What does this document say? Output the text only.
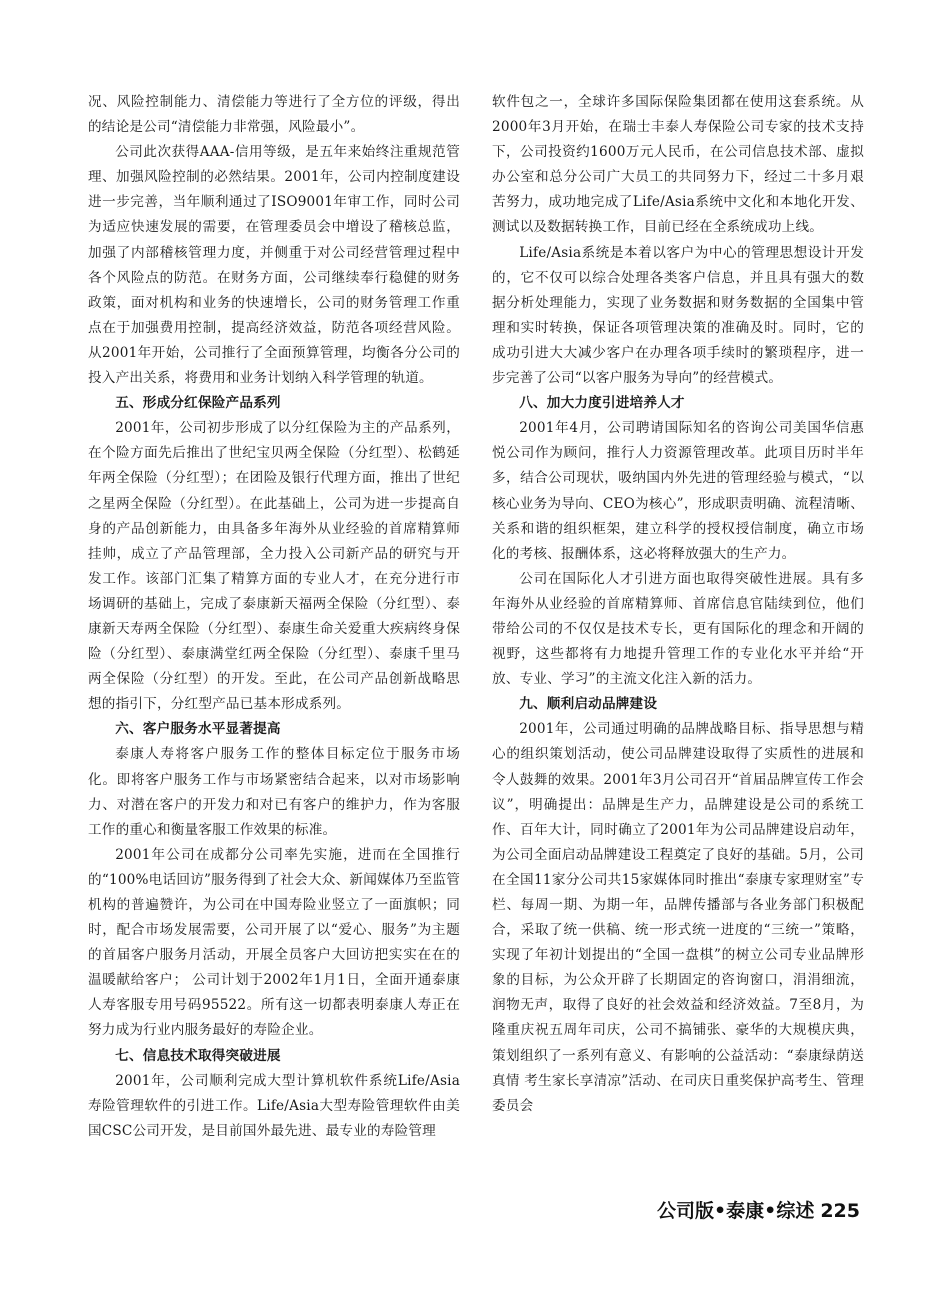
况、风险控制能力、清偿能力等进行了全方位的评级，得出的结论是公司“清偿能力非常强，风险最小”。

公司此次获得AAA-信用等级，是五年来始终注重规范管理、加强风险控制的必然结果。2001年，公司内控制度建设进一步完善，当年顺利通过了ISO9001年审工作，同时公司为适应快速发展的需要，在管理委员会中增设了稽核总监，加强了内部稽核管理力度，并侧重于对公司经营管理过程中各个风险点的防范。在财务方面，公司继续奉行稳健的财务政策，面对机构和业务的快速增长，公司的财务管理工作重点在于加强费用控制，提高经济效益，防范各项经营风险。从2001年开始，公司推行了全面预算管理，均衡各分公司的投入产出关系，将费用和业务计划纳入科学管理的轨道。

五、形成分红保险产品系列

2001年，公司初步形成了以分红保险为主的产品系列，在个险方面先后推出了世纪宝贝两全保险（分红型）、松鹤延年两全保险（分红型）；在团险及银行代理方面，推出了世纪之星两全保险（分红型）。在此基础上，公司为进一步提高自身的产品创新能力，由具备多年海外从业经验的首席精算师挂帅，成立了产品管理部，全力投入公司新产品的研究与开发工作。该部门汇集了精算方面的专业人才，在充分进行市场调研的基础上，完成了泰康新天福两全保险（分红型）、泰康新天寿两全保险（分红型）、泰康生命关爱重大疾病终身保险（分红型）、泰康满堂红两全保险（分红型）、泰康千里马两全保险（分红型）的开发。至此，在公司产品创新战略思想的指引下，分红型产品已基本形成系列。

六、客户服务水平显著提高

泰康人寿将客户服务工作的整体目标定位于服务市场化。即将客户服务工作与市场紧密结合起来，以对市场影响力、对潜在客户的开发力和对已有客户的维护力，作为客服工作的重心和衡量客服工作效果的标准。

2001年公司在成都分公司率先实施，进而在全国推行的“100%电话回访”服务得到了社会大众、新闻媒体乃至监管机构的普遍赞许，为公司在中国寿险业竖立了一面旗帜；同时，配合市场发展需要，公司开展了以“爱心、服务”为主题的首届客户服务月活动，开展全员客户大回访把实实在在的温暖献给客户； 公司计划于2002年1月1日，全面开通泰康人寿客服专用号码95522。所有这一切都表明泰康人寿正在努力成为行业内服务最好的寿险企业。

七、信息技术取得突破进展

2001年，公司顺利完成大型计算机软件系统Life/Asia寿险管理软件的引进工作。Life/Asia大型寿险管理软件由美国CSC公司开发，是目前国外最先进、最专业的寿险管理

软件包之一，全球许多国际保险集团都在使用这套系统。从2000年3月开始，在瑞士丰泰人寿保险公司专家的技术支持下，公司投资约1600万元人民币，在公司信息技术部、虚拟办公室和总分公司广大员工的共同努力下，经过二十多月艰苦努力，成功地完成了Life/Asia系统中文化和本地化开发、测试以及数据转换工作，目前已经在全系统成功上线。

Life/Asia系统是本着以客户为中心的管理思想设计开发的，它不仅可以综合处理各类客户信息，并且具有强大的数据分析处理能力，实现了业务数据和财务数据的全国集中管理和实时转换，保证各项管理决策的准确及时。同时，它的成功引进大大减少客户在办理各项手续时的繁琐程序，进一步完善了公司“以客户服务为导向”的经营模式。

八、加大力度引进培养人才

2001年4月，公司聘请国际知名的咨询公司美国华信惠悦公司作为顾问，推行人力资源管理改革。此项目历时半年多，结合公司现状，吸纳国内外先进的管理经验与模式，“以核心业务为导向、CEO为核心”，形成职责明确、流程清晰、关系和谐的组织框架，建立科学的授权授信制度，确立市场化的考核、报酬体系，这必将释放强大的生产力。

公司在国际化人才引进方面也取得突破性进展。具有多年海外从业经验的首席精算师、首席信息官陆续到位，他们带给公司的不仅仅是技术专长，更有国际化的理念和开阔的视野，这些都将有力地提升管理工作的专业化水平并给“开放、专业、学习”的主流文化注入新的活力。

九、顺利启动品牌建设

2001年，公司通过明确的品牌战略目标、指导思想与精心的组织策划活动，使公司品牌建设取得了实质性的进展和令人鼓舞的效果。2001年3月公司召开“首届品牌宣传工作会议”，明确提出：品牌是生产力，品牌建设是公司的系统工作、百年大计，同时确立了2001年为公司品牌建设启动年，为公司全面启动品牌建设工程奠定了良好的基础。5月，公司在全国11家分公司共15家媒体同时推出“泰康专家理财室”专栏、每周一期、为期一年，品牌传播部与各业务部门积极配合，采取了统一供稿、统一形式统一进度的“三统一”策略，实现了年初计划提出的“全国一盘棋”的树立公司专业品牌形象的目标，为公众开辟了长期固定的咨询窗口，涓涓细流，润物无声，取得了良好的社会效益和经济效益。7至8月，为隆重庆祝五周年司庆，公司不搞铺张、豪华的大规模庆典，策划组织了一系列有意义、有影响的公益活动：“泰康绿荫送真情 考生家长享清凉”活动、在司庆日重奖保护高考生、管理委员会

公司版•泰康•综述 225
